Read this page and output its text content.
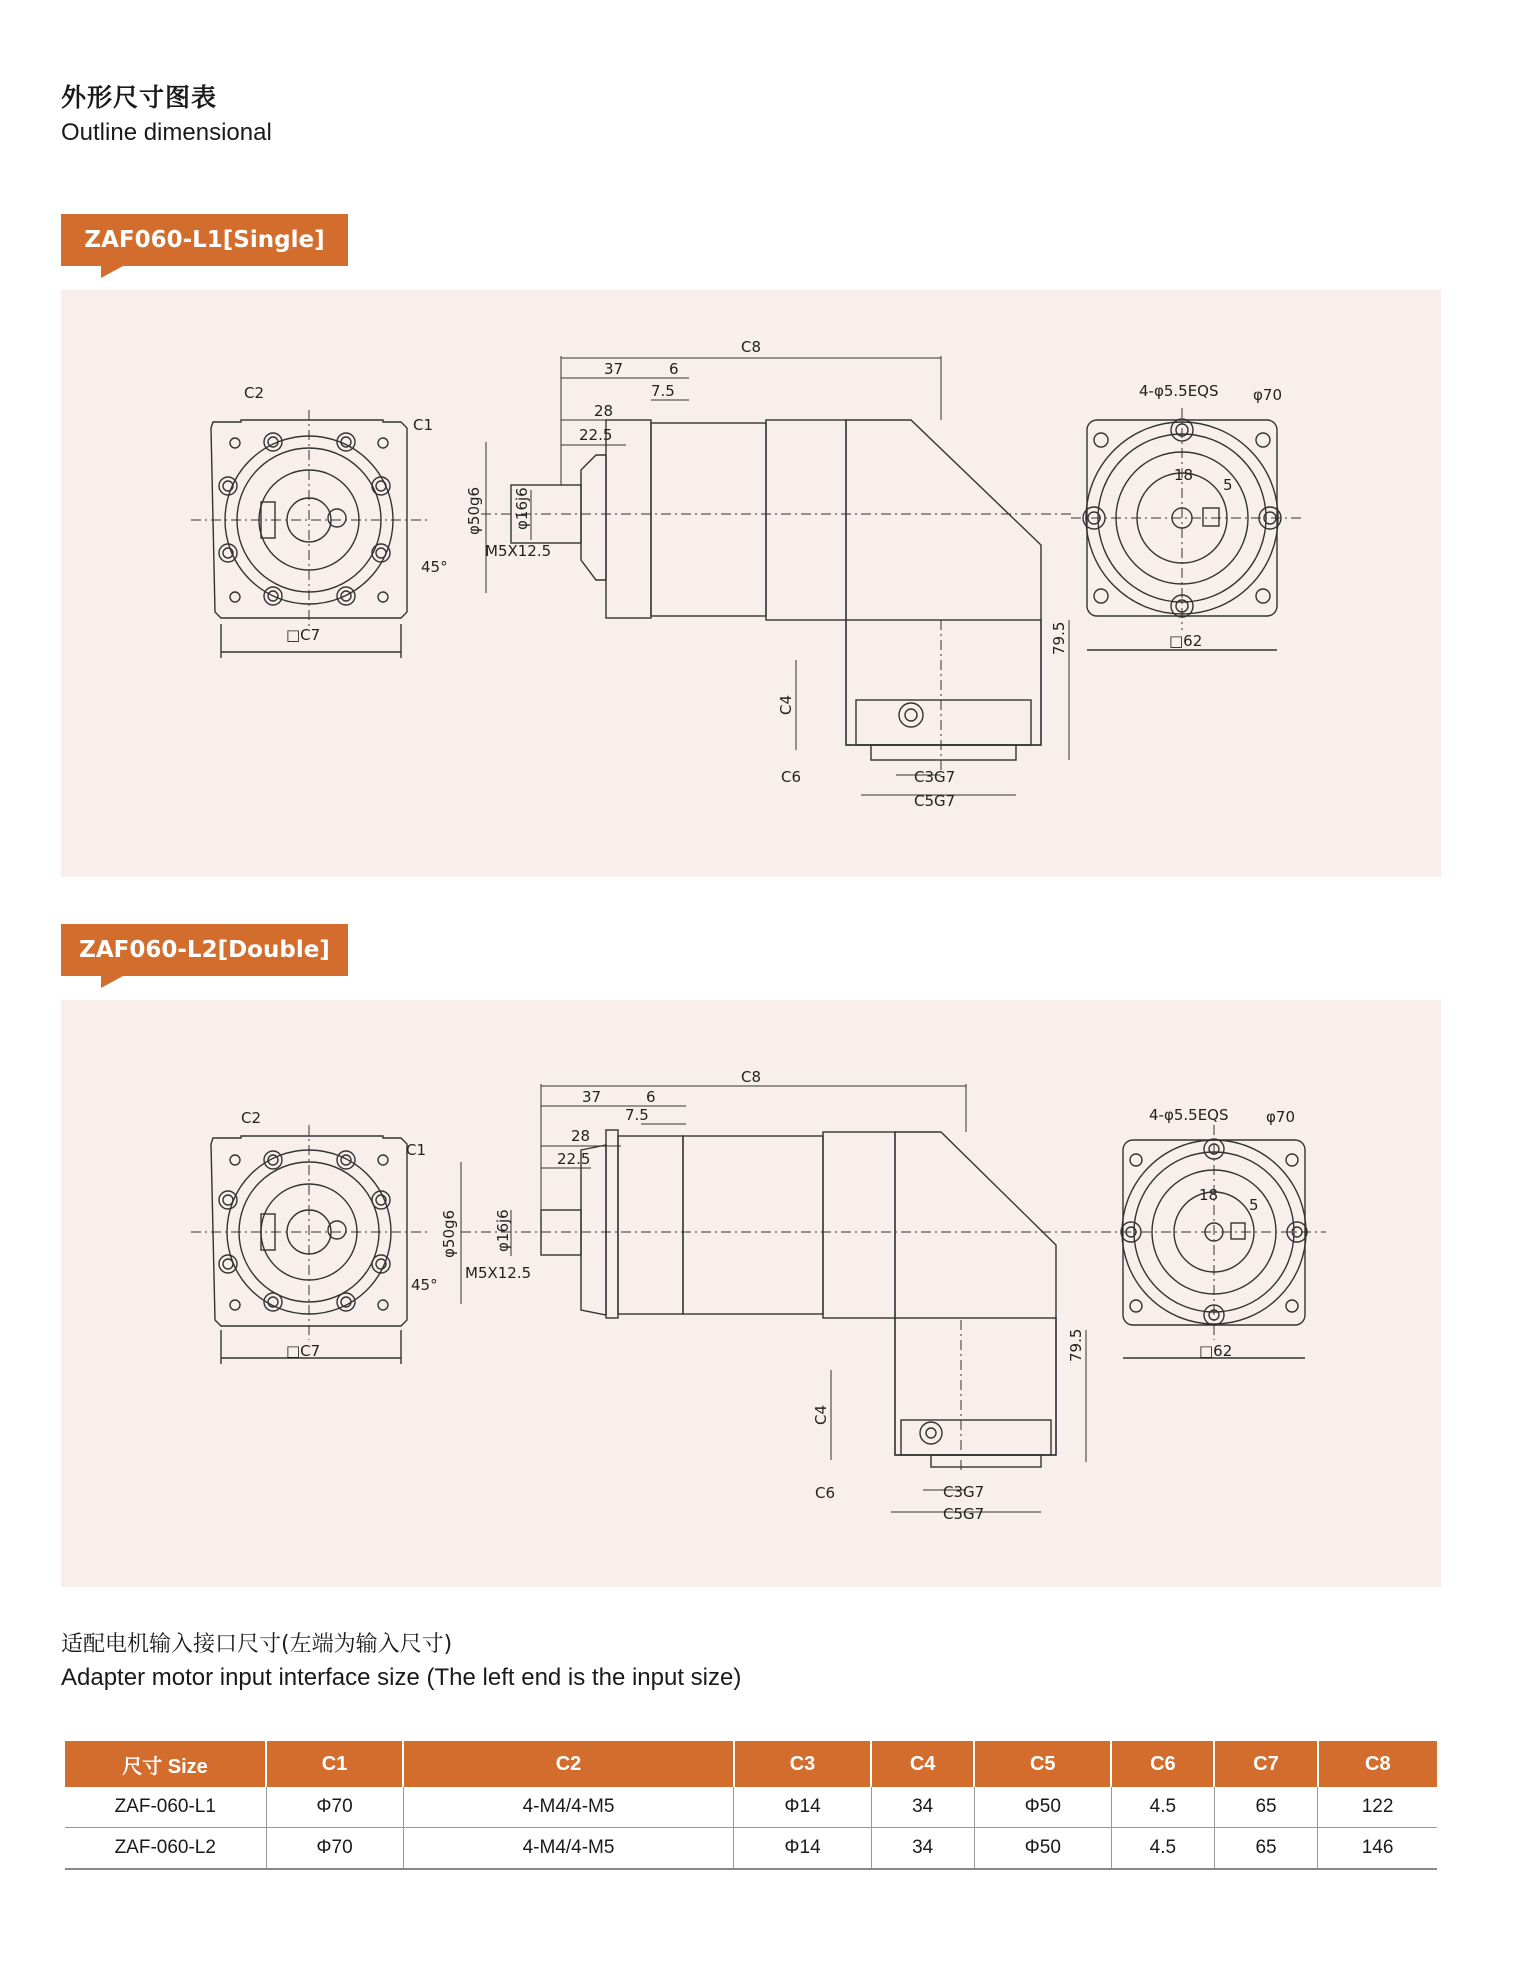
外形尺寸图表
Outline dimensional
ZAF060-L1[Single]
C2
C1
□C7
45°
C8
37	6
7.5
28
22.5
φ50g6 φ16j6
M5X12.5
C4
C6	C3G7
C5G7
79.5
4-φ5.5EQS φ70
18
5
□62
ZAF060-L2[Double]
C2
C1
□C7
45°
C8
37	6
7.5
28
22.5
φ50g6 φ16j6
M5X12.5
C4
C6	C3G7
C5G7
79.5
4-φ5.5EQS φ70
18
5
□62
适配电机输入接口尺寸(左端为输入尺寸)
Adapter motor input interface size (The left end is the input size)
尺寸 Size	C1	C2	C3	C4	C5	C6	C7	C8
ZAF-060-L1	Φ70	4-M4/4-M5	Φ14	34	Φ50	4.5	65	122
ZAF-060-L2	Φ70	4-M4/4-M5	Φ14	34	Φ50	4.5	65	146
